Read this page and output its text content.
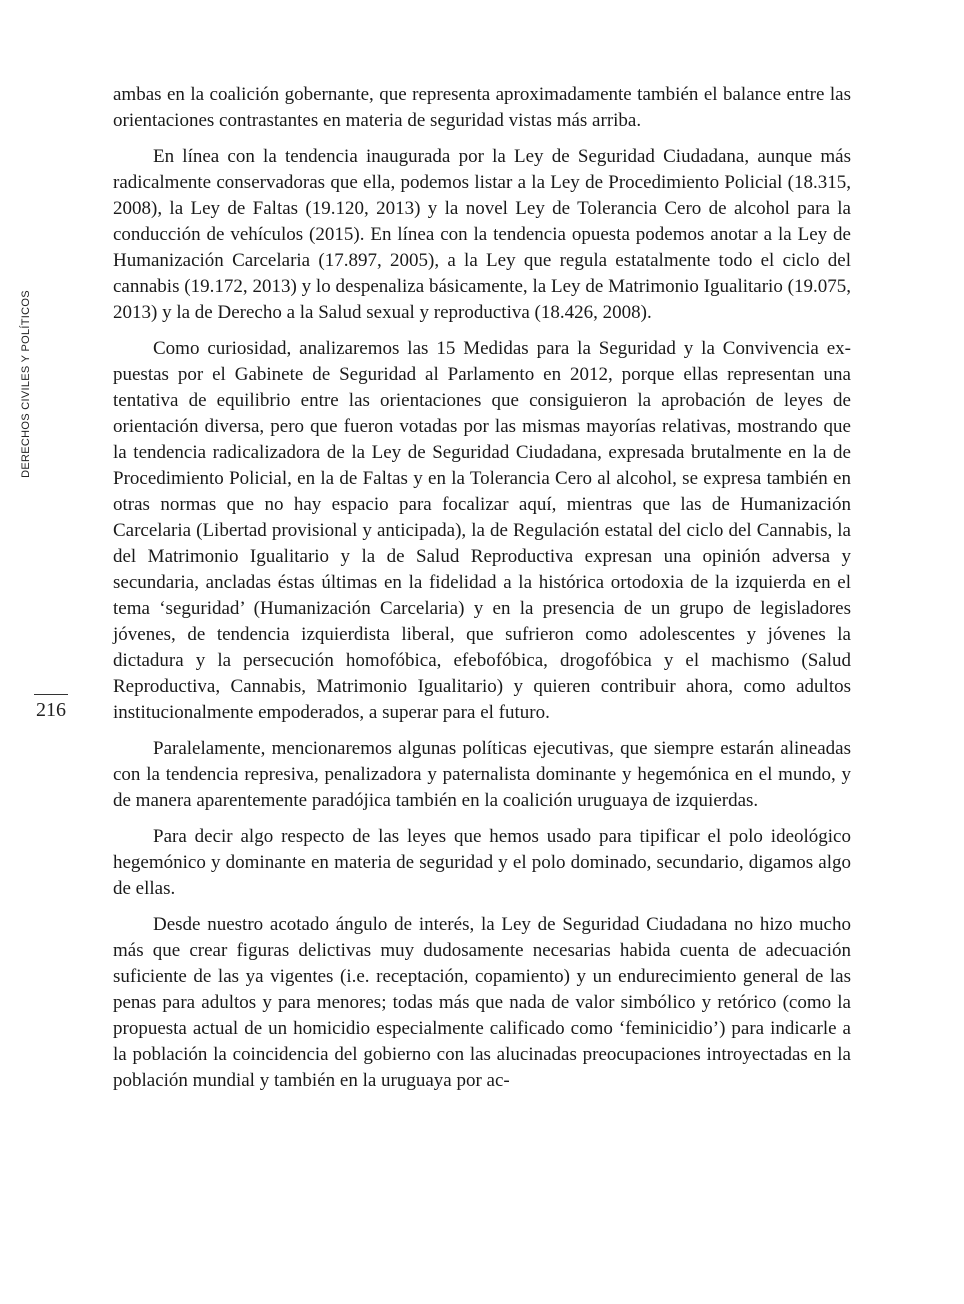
DERECHOS CIVILES Y POLÍTICOS
216

ambas en la coalición gobernante, que representa aproximadamente también el balance entre las orientaciones contrastantes en materia de seguridad vistas más arriba.

En línea con la tendencia inaugurada por la Ley de Seguridad Ciudadana, aunque más radicalmente conservadoras que ella, podemos listar a la Ley de Procedimiento Policial (18.315, 2008), la Ley de Faltas (19.120, 2013) y la novel Ley de Tolerancia Cero de alcohol para la conducción de vehículos (2015). En línea con la tendencia opuesta podemos anotar a la Ley de Humanización Carcelaria (17.897, 2005), a la Ley que regula estatalmente todo el ciclo del cannabis (19.172, 2013) y lo despenaliza básicamente, la Ley de Matrimonio Igualitario (19.075, 2013) y la de Derecho a la Salud sexual y reproductiva (18.426, 2008).

Como curiosidad, analizaremos las 15 Medidas para la Seguridad y la Convivencia expuestas por el Gabinete de Seguridad al Parlamento en 2012, porque ellas representan una tentativa de equilibrio entre las orientaciones que consiguieron la aprobación de leyes de orientación diversa, pero que fueron votadas por las mismas mayorías relativas, mostrando que la tendencia radicalizadora de la Ley de Seguridad Ciudadana, expresada brutalmente en la de Procedimiento Policial, en la de Faltas y en la Tolerancia Cero al alcohol, se expresa también en otras normas que no hay espacio para focalizar aquí, mientras que las de Humanización Carcelaria (Libertad provisional y anticipada), la de Regulación estatal del ciclo del Cannabis, la del Matrimonio Igualitario y la de Salud Reproductiva expresan una opinión adversa y secundaria, ancladas éstas últimas en la fidelidad a la histórica ortodoxia de la izquierda en el tema ‘seguridad’ (Humanización Carcelaria) y en la presencia de un grupo de legisladores jóvenes, de tendencia izquierdista liberal, que sufrieron como adolescentes y jóvenes la dictadura y la persecución homofóbica, efebofóbica, drogofóbica y el machismo (Salud Reproductiva, Cannabis, Matrimonio Igualitario) y quieren contribuir ahora, como adultos institucionalmente empoderados, a superar para el futuro.

Paralelamente, mencionaremos algunas políticas ejecutivas, que siempre estarán alineadas con la tendencia represiva, penalizadora y paternalista dominante y hegemónica en el mundo, y de manera aparentemente paradójica también en la coalición uruguaya de izquierdas.

Para decir algo respecto de las leyes que hemos usado para tipificar el polo ideológico hegemónico y dominante en materia de seguridad y el polo dominado, secundario, digamos algo de ellas.

Desde nuestro acotado ángulo de interés, la Ley de Seguridad Ciudadana no hizo mucho más que crear figuras delictivas muy dudosamente necesarias habida cuenta de adecuación suficiente de las ya vigentes (i.e. receptación, copamiento) y un endurecimiento general de las penas para adultos y para menores; todas más que nada de valor simbólico y retórico (como la propuesta actual de un homicidio especialmente calificado como ‘feminicidio’) para indicarle a la población la coincidencia del gobierno con las alucinadas preocupaciones introyectadas en la población mundial y también en la uruguaya por ac-
